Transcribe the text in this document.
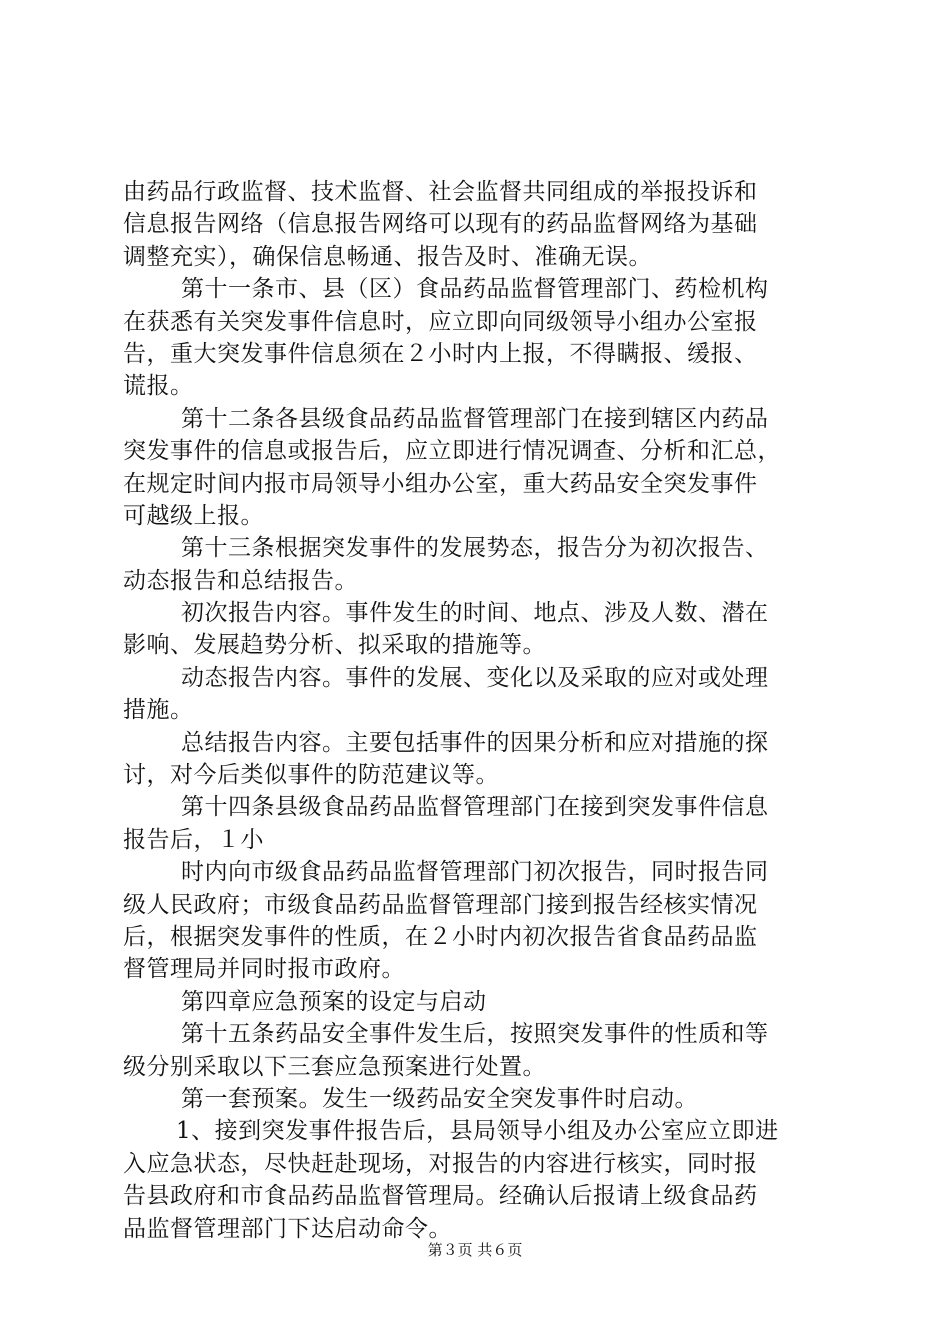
由药品行政监督、技术监督、社会监督共同组成的举报投诉和
信息报告网络（信息报告网络可以现有的药品监督网络为基础
调整充实），确保信息畅通、报告及时、准确无误。
第十一条市、县（区）食品药品监督管理部门、药检机构
在获悉有关突发事件信息时，应立即向同级领导小组办公室报
告，重大突发事件信息须在２小时内上报，不得瞒报、缓报、
谎报。
第十二条各县级食品药品监督管理部门在接到辖区内药品
突发事件的信息或报告后，应立即进行情况调查、分析和汇总，
在规定时间内报市局领导小组办公室，重大药品安全突发事件
可越级上报。
第十三条根据突发事件的发展势态，报告分为初次报告、
动态报告和总结报告。
初次报告内容。事件发生的时间、地点、涉及人数、潜在
影响、发展趋势分析、拟采取的措施等。
动态报告内容。事件的发展、变化以及采取的应对或处理
措施。
总结报告内容。主要包括事件的因果分析和应对措施的探
讨，对今后类似事件的防范建议等。
第十四条县级食品药品监督管理部门在接到突发事件信息
报告后，１小
时内向市级食品药品监督管理部门初次报告，同时报告同
级人民政府；市级食品药品监督管理部门接到报告经核实情况
后，根据突发事件的性质，在２小时内初次报告省食品药品监
督管理局并同时报市政府。
第四章应急预案的设定与启动
第十五条药品安全事件发生后，按照突发事件的性质和等
级分别采取以下三套应急预案进行处置。
第一套预案。发生一级药品安全突发事件时启动。
1、接到突发事件报告后，县局领导小组及办公室应立即进
入应急状态，尽快赶赴现场，对报告的内容进行核实，同时报
告县政府和市食品药品监督管理局。经确认后报请上级食品药
品监督管理部门下达启动命令。
第３页 共６页
